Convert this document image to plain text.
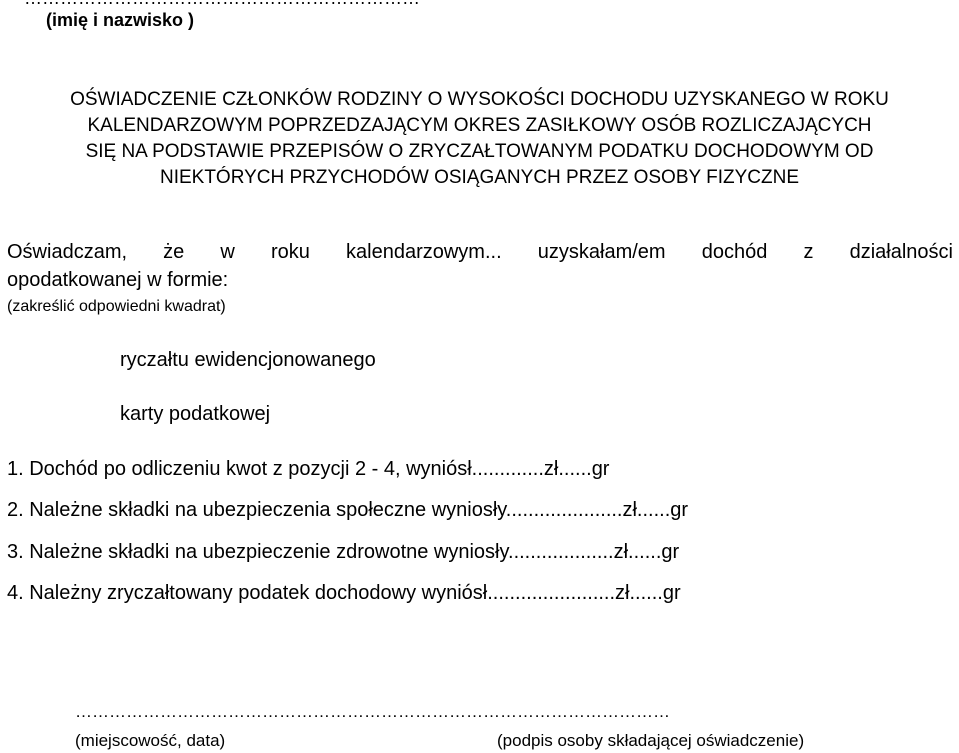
(imię i nazwisko )
OŚWIADCZENIE CZŁONKÓW RODZINY O WYSOKOŚCI DOCHODU UZYSKANEGO W ROKU
KALENDARZOWYM POPRZEDZAJĄCYM OKRES ZASIŁKOWY OSÓB ROZLICZAJĄCYCH
SIĘ NA PODSTAWIE PRZEPISÓW O ZRYCZAŁTOWANYM PODATKU DOCHODOWYM OD
NIEKTÓRYCH PRZYCHODÓW OSIĄGANYCH PRZEZ OSOBY FIZYCZNE
Oświadczam, że w roku kalendarzowym... uzyskałam/em dochód z działalności
opodatkowanej w formie:
(zakreślić odpowiedni kwadrat)
ryczałtu ewidencjonowanego
karty podatkowej
1. Dochód po odliczeniu kwot z pozycji 2 - 4, wyniósł.............zł......gr
2. Należne składki na ubezpieczenia społeczne wyniosły.....................zł......gr
3. Należne składki na ubezpieczenie zdrowotne wyniosły...................zł......gr
4. Należny zryczałtowany podatek dochodowy wyniósł.......................zł......gr
……………………………………………………………………………………………
(miejscowość, data)	(podpis osoby składającej oświadczenie)
